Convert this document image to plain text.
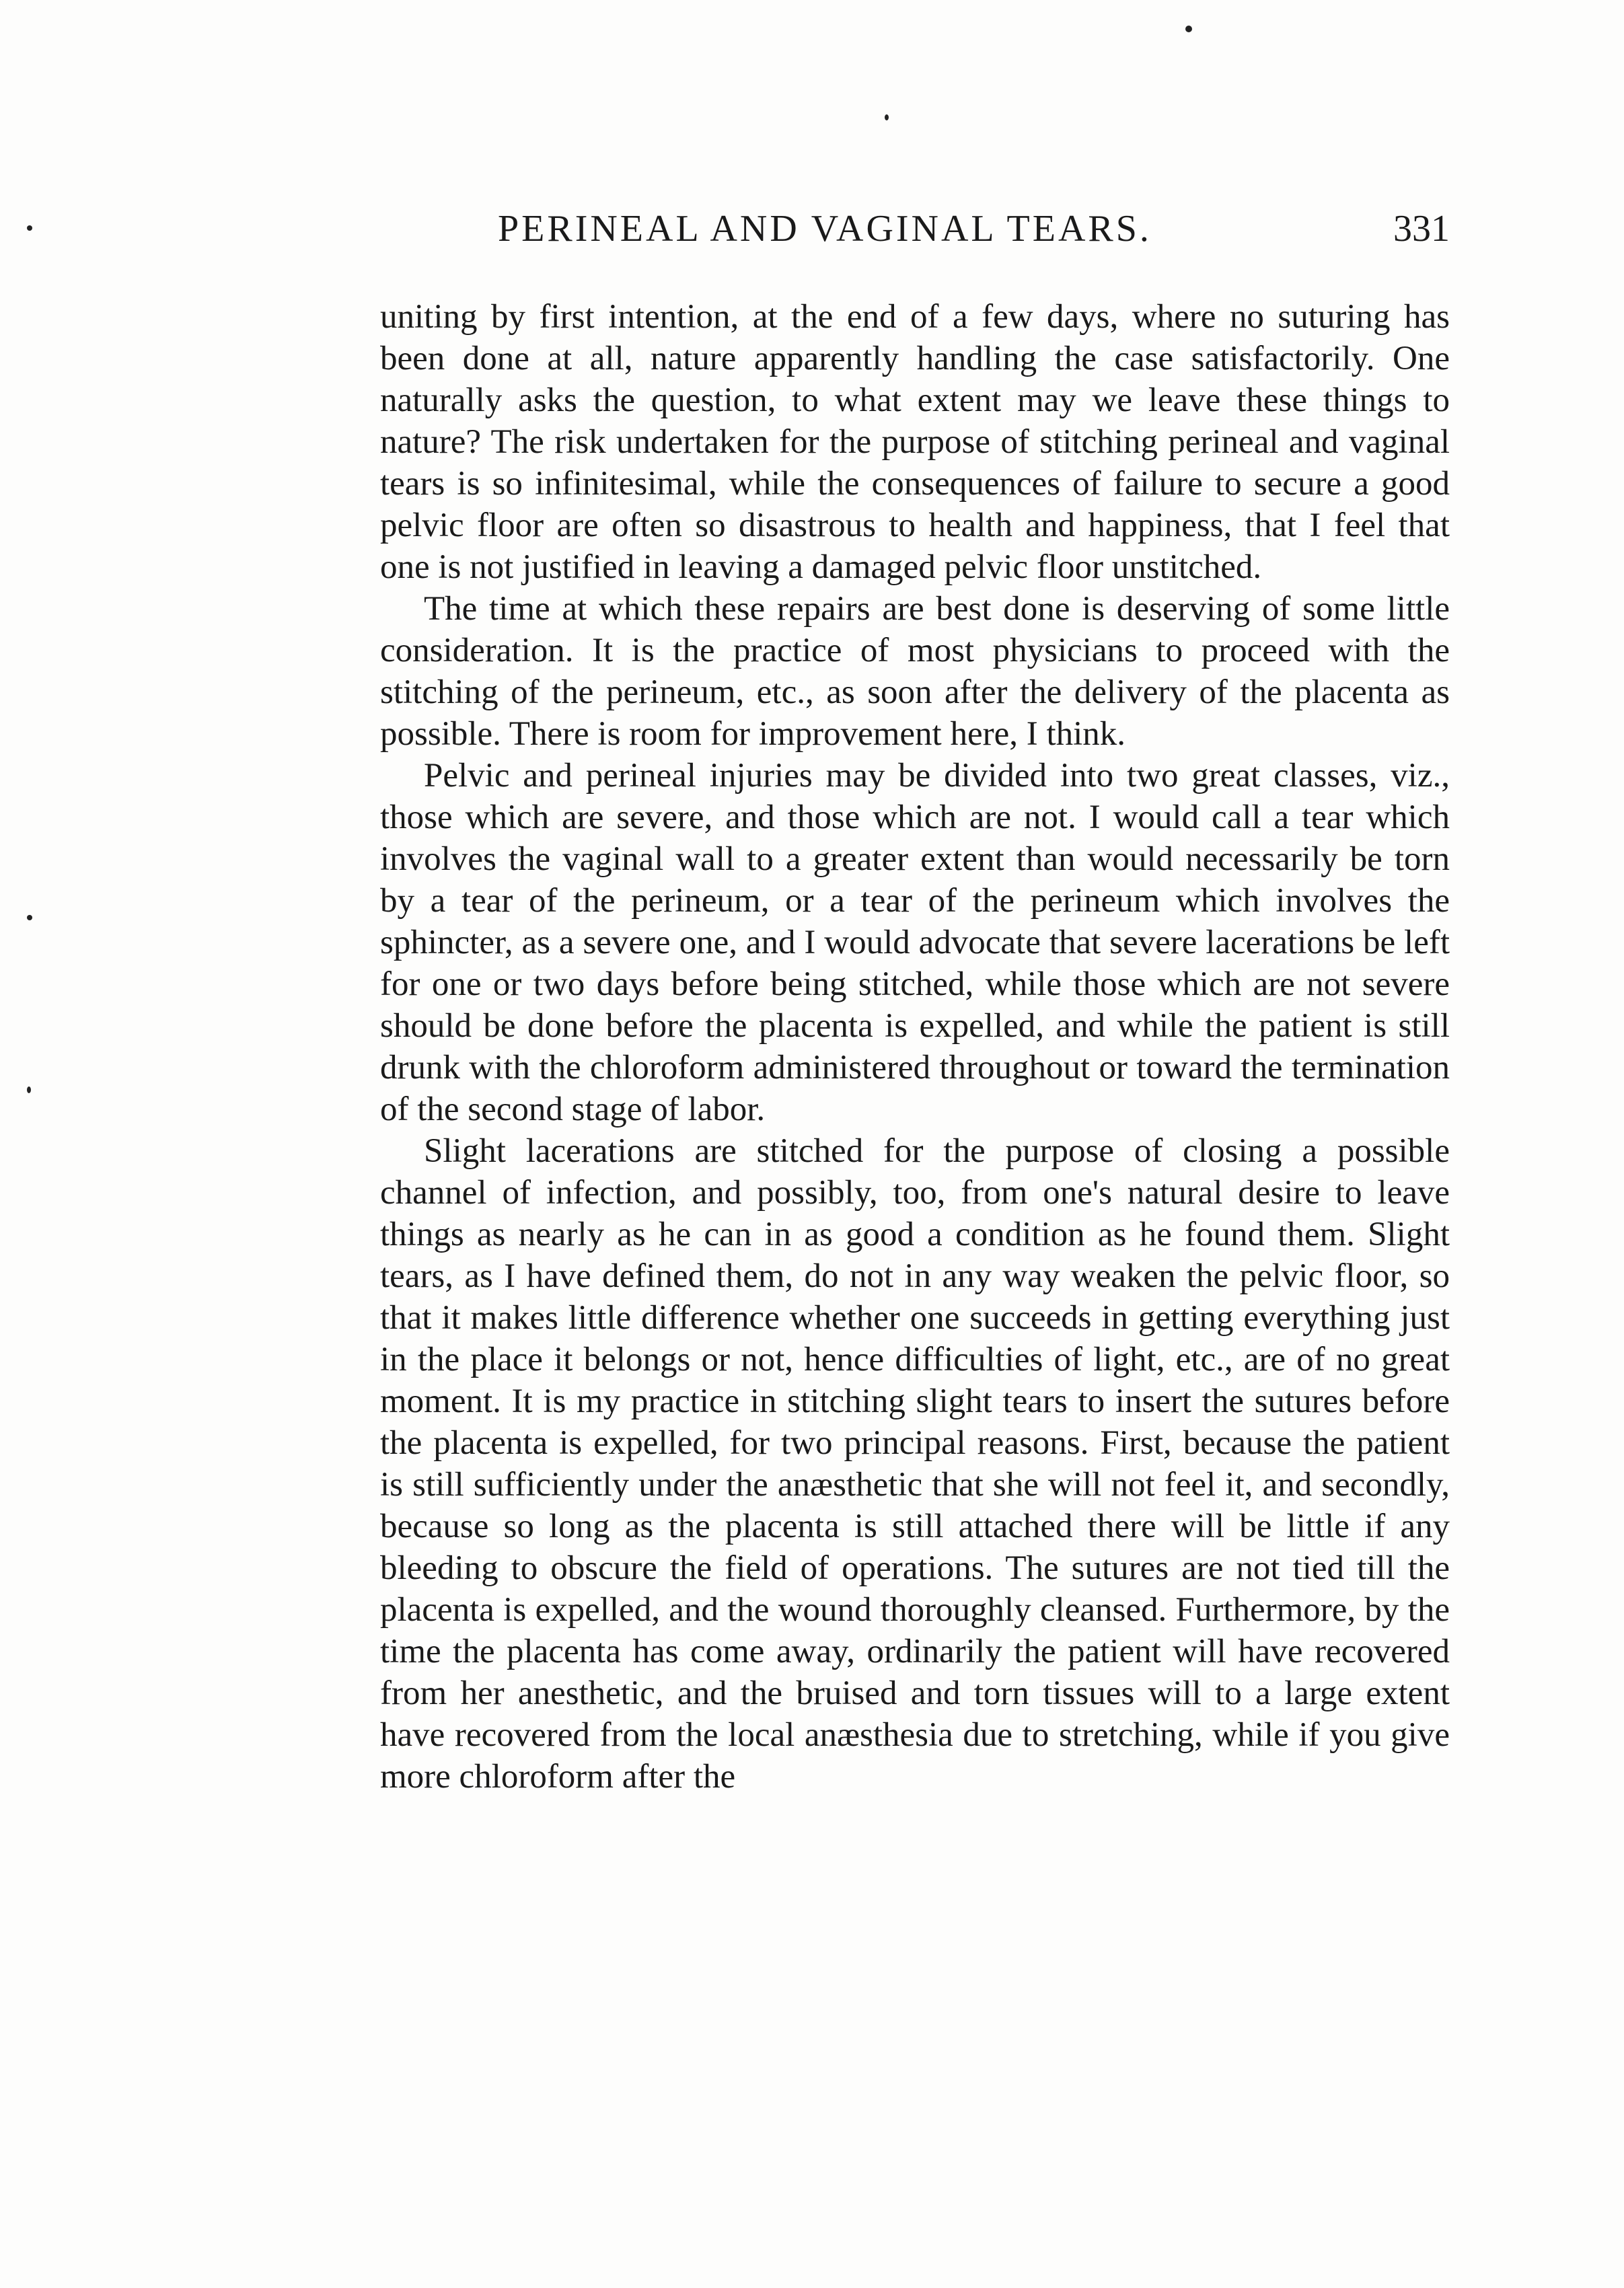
PERINEAL AND VAGINAL TEARS.	331

uniting by first intention, at the end of a few days, where no suturing has been done at all, nature apparently handling the case satisfactorily. One naturally asks the question, to what extent may we leave these things to nature? The risk undertaken for the purpose of stitching perineal and vaginal tears is so infinitesimal, while the consequences of failure to secure a good pelvic floor are often so disastrous to health and happiness, that I feel that one is not justified in leaving a damaged pelvic floor unstitched.

The time at which these repairs are best done is deserving of some little consideration. It is the practice of most physicians to proceed with the stitching of the perineum, etc., as soon after the delivery of the placenta as possible. There is room for improvement here, I think.

Pelvic and perineal injuries may be divided into two great classes, viz., those which are severe, and those which are not. I would call a tear which involves the vaginal wall to a greater extent than would necessarily be torn by a tear of the perineum, or a tear of the perineum which involves the sphincter, as a severe one, and I would advocate that severe lacerations be left for one or two days before being stitched, while those which are not severe should be done before the placenta is expelled, and while the patient is still drunk with the chloroform administered throughout or toward the termination of the second stage of labor.

Slight lacerations are stitched for the purpose of closing a possible channel of infection, and possibly, too, from one's natural desire to leave things as nearly as he can in as good a condition as he found them. Slight tears, as I have defined them, do not in any way weaken the pelvic floor, so that it makes little difference whether one succeeds in getting everything just in the place it belongs or not, hence difficulties of light, etc., are of no great moment. It is my practice in stitching slight tears to insert the sutures before the placenta is expelled, for two principal reasons. First, because the patient is still sufficiently under the anæsthetic that she will not feel it, and secondly, because so long as the placenta is still attached there will be little if any bleeding to obscure the field of operations. The sutures are not tied till the placenta is expelled, and the wound thoroughly cleansed. Furthermore, by the time the placenta has come away, ordinarily the patient will have recovered from her anesthetic, and the bruised and torn tissues will to a large extent have recovered from the local anæsthesia due to stretching, while if you give more chloroform after the
